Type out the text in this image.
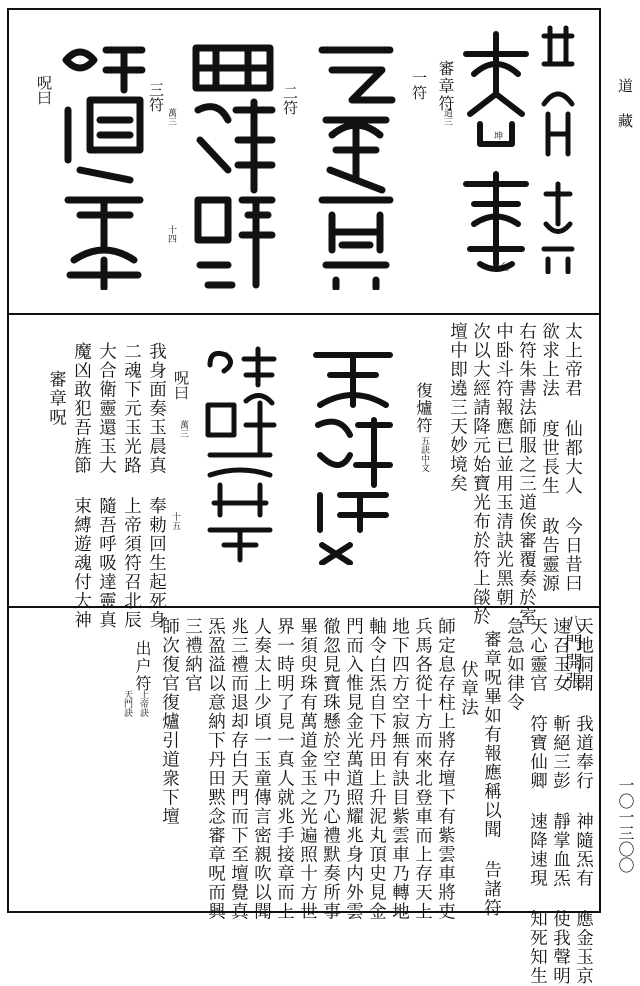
道
藏
一〇一三〇〇
坤
允
審章符
逍三
一符
二符
三符
萬三
十四
呪曰
太上帝君 仙都大人 今日昔曰 八門開張
欲求上法 度世長生 敢告靈源
右符朱書法師服之三道俟審覆奏於室
中卧斗符報應已並用玉清訣光黑朝
次以大經請降元始寶光布於符上燄於
壇中即遶三天妙境矣
復爐符
五訣中文
呪曰
萬三
十五
我身面奏玉晨真 奉勅回生起死身
二魂下元玉光路 上帝須符召北辰
大合衛靈還玉大 隨吾呼吸達靈真
魔凶敢犯吾旌節 束縛遊魂付大神
審章呪
天地洞開 我道奉行 神隨炁有 應金玉京
速召玉女 斬絕三彭 靜掌血炁 使我聲明
天心靈官 符寶仙卿 速降速現 知死知生
急急如律令
審章呪畢如有報應稱以聞 告諸符
伏章法
師定息存柱上將存壇下有紫雲車將吏
兵馬各從十方而來北登車而上存天上
地下四方空寂無有訣目紫雲車乃轉地
軸令白炁自下丹田上升泥丸頂史見金
門而入惟見金光萬道照耀兆身内外雲
徹忽見寶珠懸於空中乃心禮默奏所事
畢須臾珠有萬道金玉之光遍照十方世
界一時明了見一真人就兆手接章而上
人奏太上少頃一玉童傳言密親吹以聞
兆三禮而退却存白天門而下至壇覺真
炁盈溢以意納下丹田黙念審章呪而興
三禮納官
師次復官復爐引道衆下壇
出户符
上帝訣
天門訣
